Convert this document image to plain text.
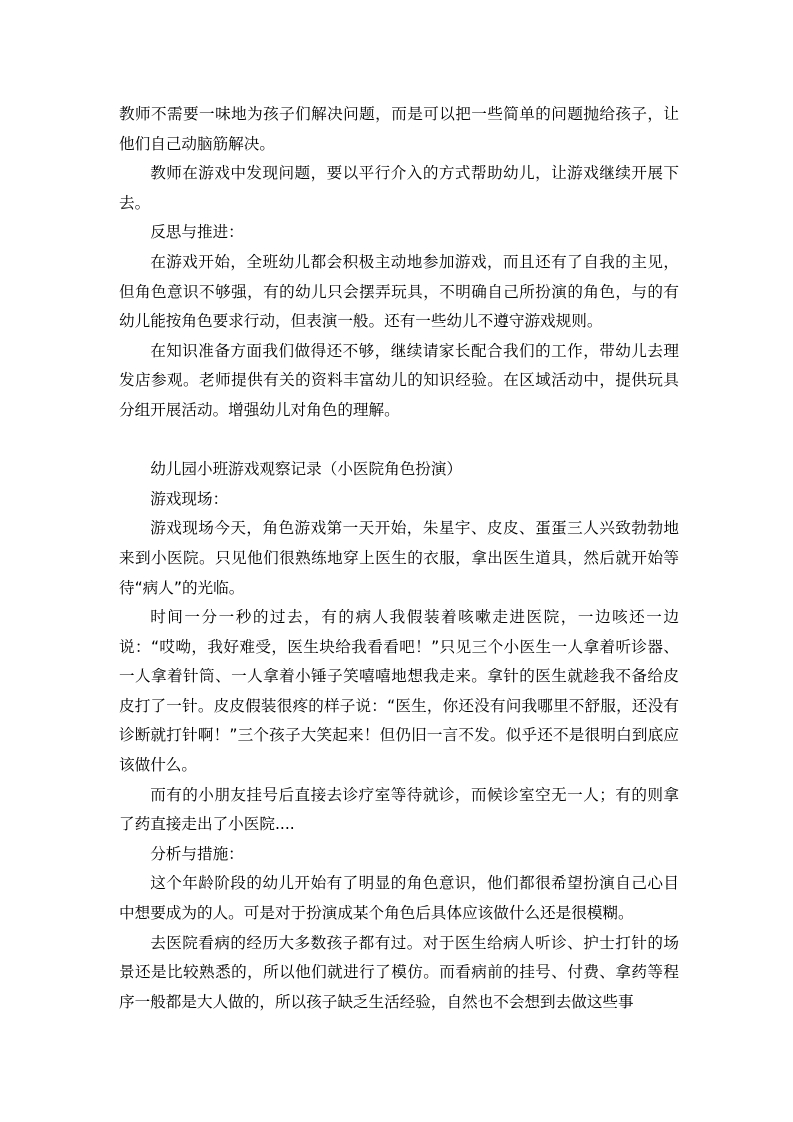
教师不需要一味地为孩子们解决问题，而是可以把一些简单的问题抛给孩子，让他们自己动脑筋解决。

教师在游戏中发现问题，要以平行介入的方式帮助幼儿，让游戏继续开展下去。

反思与推进：

在游戏开始，全班幼儿都会积极主动地参加游戏，而且还有了自我的主见，但角色意识不够强，有的幼儿只会摆弄玩具，不明确自己所扮演的角色，与的有幼儿能按角色要求行动，但表演一般。还有一些幼儿不遵守游戏规则。

在知识准备方面我们做得还不够，继续请家长配合我们的工作，带幼儿去理发店参观。老师提供有关的资料丰富幼儿的知识经验。在区域活动中，提供玩具分组开展活动。增强幼儿对角色的理解。

幼儿园小班游戏观察记录（小医院角色扮演）

游戏现场：

游戏现场今天，角色游戏第一天开始，朱星宇、皮皮、蛋蛋三人兴致勃勃地来到小医院。只见他们很熟练地穿上医生的衣服，拿出医生道具，然后就开始等待“病人”的光临。

时间一分一秒的过去，有的病人我假装着咳嗽走进医院，一边咳还一边说：“哎呦，我好难受，医生块给我看看吧！”只见三个小医生一人拿着听诊器、一人拿着针筒、一人拿着小锤子笑嘻嘻地想我走来。拿针的医生就趁我不备给皮皮打了一针。皮皮假装很疼的样子说：“医生，你还没有问我哪里不舒服，还没有诊断就打针啊！”三个孩子大笑起来！但仍旧一言不发。似乎还不是很明白到底应该做什么。

而有的小朋友挂号后直接去诊疗室等待就诊，而候诊室空无一人；有的则拿了药直接走出了小医院....

分析与措施：

这个年龄阶段的幼儿开始有了明显的角色意识，他们都很希望扮演自己心目中想要成为的人。可是对于扮演成某个角色后具体应该做什么还是很模糊。

去医院看病的经历大多数孩子都有过。对于医生给病人听诊、护士打针的场景还是比较熟悉的，所以他们就进行了模仿。而看病前的挂号、付费、拿药等程序一般都是大人做的，所以孩子缺乏生活经验，自然也不会想到去做这些事
